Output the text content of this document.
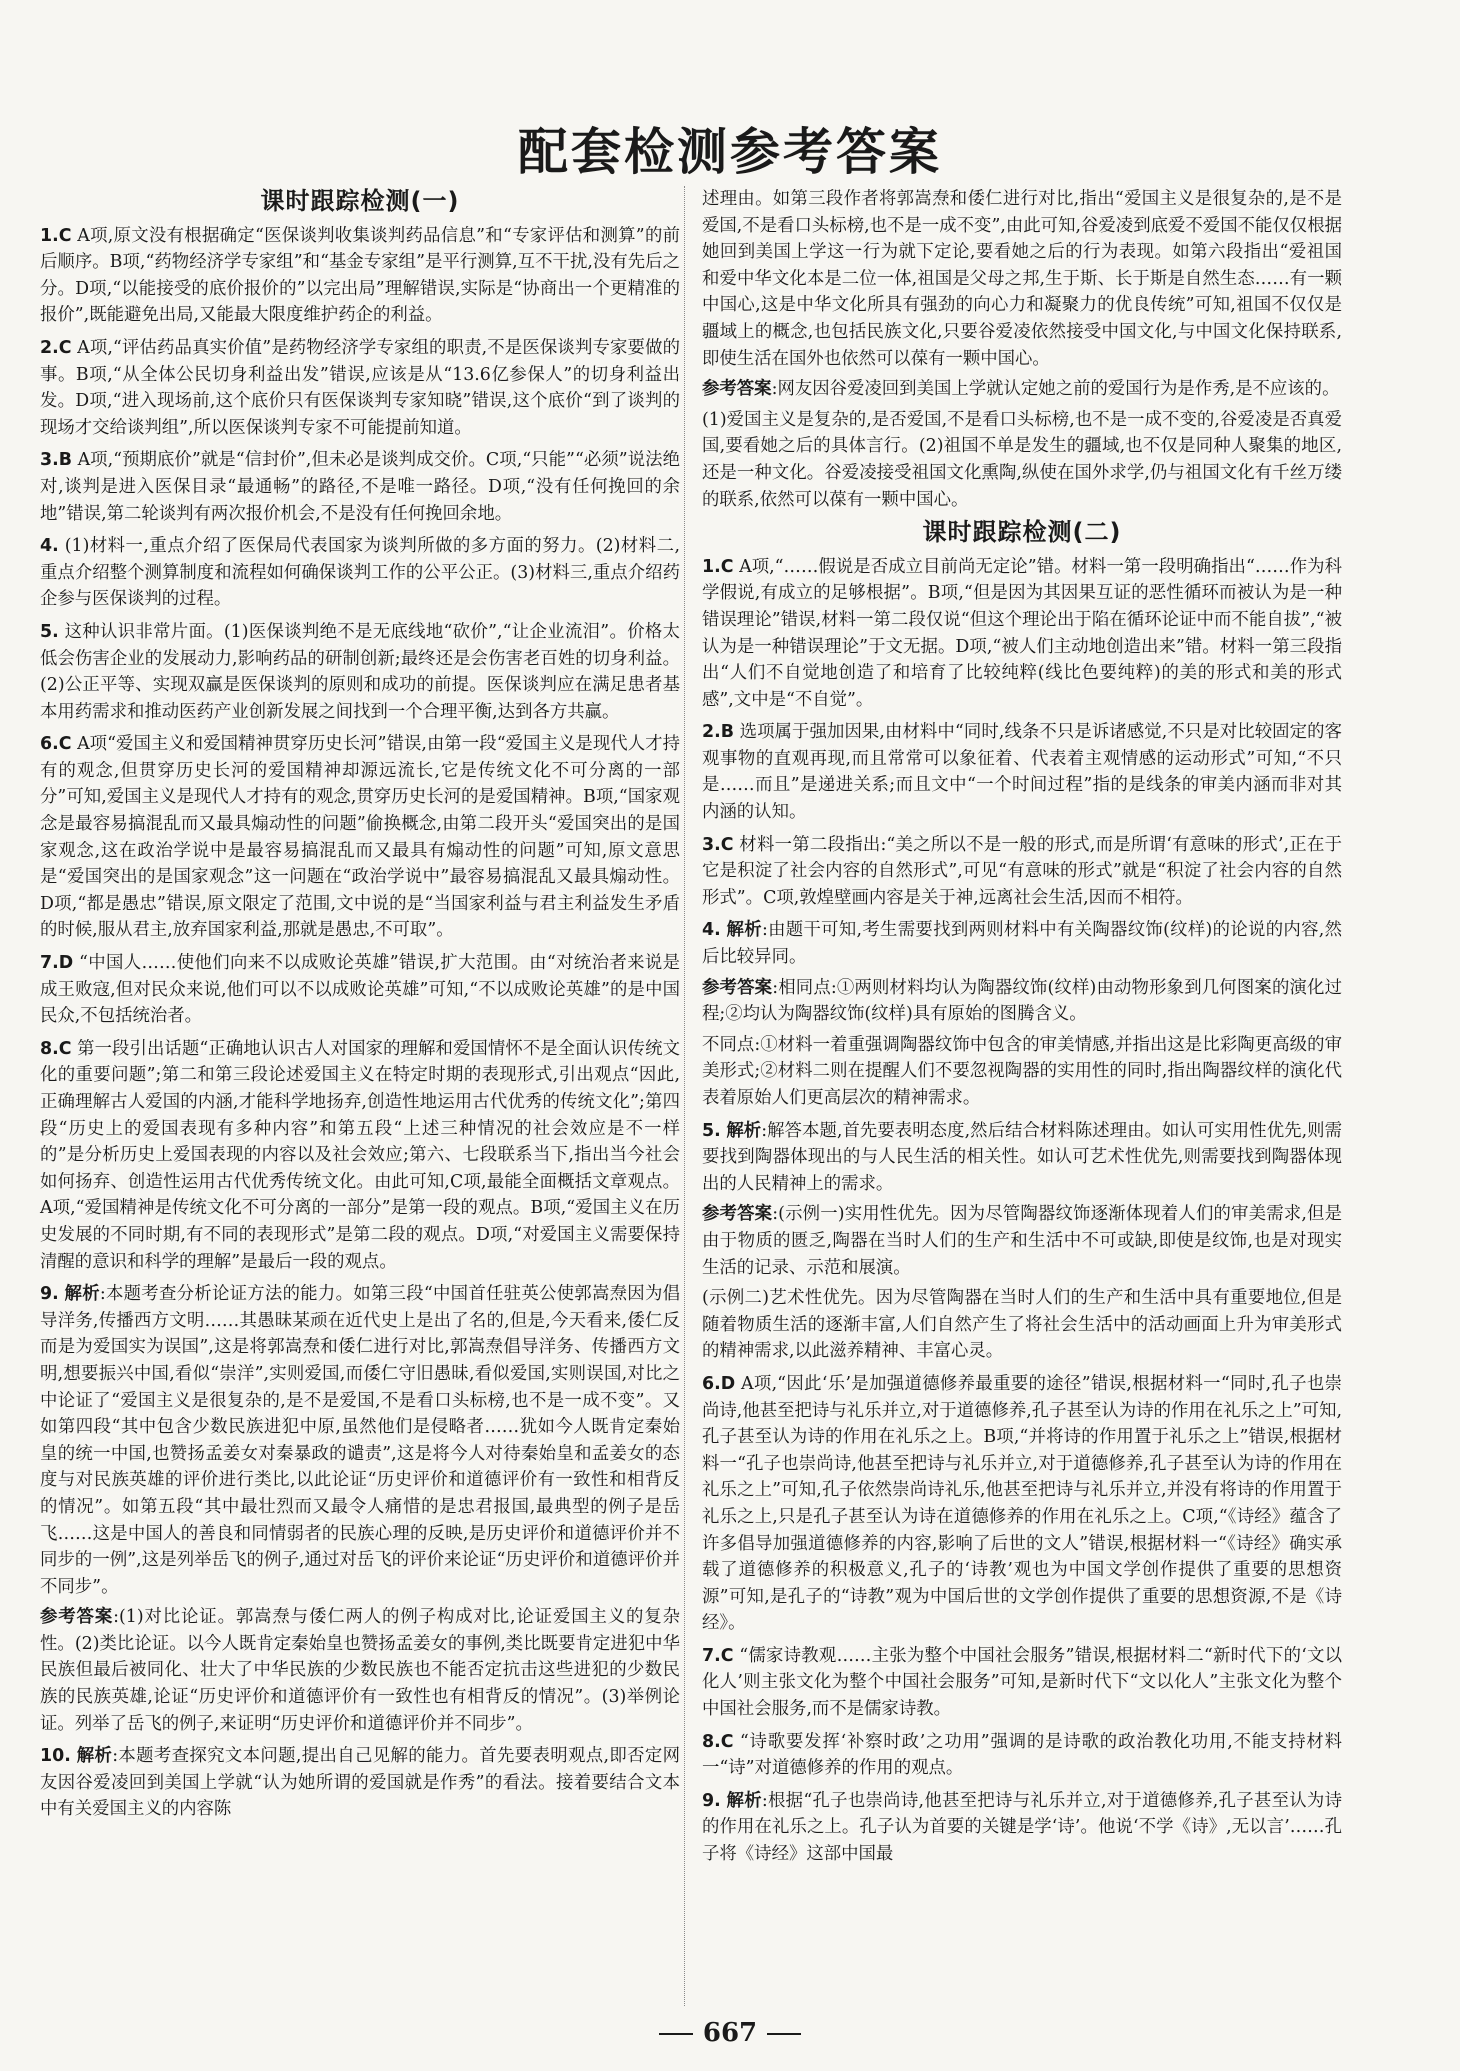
配套检测参考答案
课时跟踪检测(一)
1.C A项,原文没有根据确定“医保谈判收集谈判药品信息”和“专家评估和测算”的前后顺序。B项,“药物经济学专家组”和“基金专家组”是平行测算,互不干扰,没有先后之分。D项,“以能接受的底价报价的”以完出局”理解错误,实际是“协商出一个更精准的报价”,既能避免出局,又能最大限度维护药企的利益。
2.C A项,“评估药品真实价值”是药物经济学专家组的职责,不是医保谈判专家要做的事。B项,“从全体公民切身利益出发”错误,应该是从“13.6亿参保人”的切身利益出发。D项,“进入现场前,这个底价只有医保谈判专家知晓”错误,这个底价“到了谈判的现场才交给谈判组”,所以医保谈判专家不可能提前知道。
3.B A项,“预期底价”就是“信封价”,但未必是谈判成交价。C项,“只能”“必须”说法绝对,谈判是进入医保目录“最通畅”的路径,不是唯一路径。D项,“没有任何挽回的余地”错误,第二轮谈判有两次报价机会,不是没有任何挽回余地。
4. (1)材料一,重点介绍了医保局代表国家为谈判所做的多方面的努力。(2)材料二,重点介绍整个测算制度和流程如何确保谈判工作的公平公正。(3)材料三,重点介绍药企参与医保谈判的过程。
5. 这种认识非常片面。(1)医保谈判绝不是无底线地“砍价”,“让企业流泪”。价格太低会伤害企业的发展动力,影响药品的研制创新;最终还是会伤害老百姓的切身利益。(2)公正平等、实现双赢是医保谈判的原则和成功的前提。医保谈判应在满足患者基本用药需求和推动医药产业创新发展之间找到一个合理平衡,达到各方共赢。
6.C A项“爱国主义和爱国精神贯穿历史长河”错误,由第一段“爱国主义是现代人才持有的观念,但贯穿历史长河的爱国精神却源远流长,它是传统文化不可分离的一部分”可知,爱国主义是现代人才持有的观念,贯穿历史长河的是爱国精神。B项,“国家观念是最容易搞混乱而又最具煽动性的问题”偷换概念,由第二段开头“爱国突出的是国家观念,这在政治学说中是最容易搞混乱而又最具有煽动性的问题”可知,原文意思是“爱国突出的是国家观念”这一问题在“政治学说中”最容易搞混乱又最具煽动性。D项,“都是愚忠”错误,原文限定了范围,文中说的是“当国家利益与君主利益发生矛盾的时候,服从君主,放弃国家利益,那就是愚忠,不可取”。
7.D “中国人……使他们向来不以成败论英雄”错误,扩大范围。由“对统治者来说是成王败寇,但对民众来说,他们可以不以成败论英雄”可知,“不以成败论英雄”的是中国民众,不包括统治者。
8.C 第一段引出话题“正确地认识古人对国家的理解和爱国情怀不是全面认识传统文化的重要问题”;第二和第三段论述爱国主义在特定时期的表现形式,引出观点“因此,正确理解古人爱国的内涵,才能科学地扬弃,创造性地运用古代优秀的传统文化”;第四段“历史上的爱国表现有多种内容”和第五段“上述三种情况的社会效应是不一样的”是分析历史上爱国表现的内容以及社会效应;第六、七段联系当下,指出当今社会如何扬弃、创造性运用古代优秀传统文化。由此可知,C项,最能全面概括文章观点。A项,“爱国精神是传统文化不可分离的一部分”是第一段的观点。B项,“爱国主义在历史发展的不同时期,有不同的表现形式”是第二段的观点。D项,“对爱国主义需要保持清醒的意识和科学的理解”是最后一段的观点。
9. 解析:本题考查分析论证方法的能力。如第三段“中国首任驻英公使郭嵩焘因为倡导洋务,传播西方文明……其愚昧某顽在近代史上是出了名的,但是,今天看来,倭仁反而是为爱国实为误国”,这是将郭嵩焘和倭仁进行对比,郭嵩焘倡导洋务、传播西方文明,想要振兴中国,看似“崇洋”,实则爱国,而倭仁守旧愚昧,看似爱国,实则误国,对比之中论证了“爱国主义是很复杂的,是不是爱国,不是看口头标榜,也不是一成不变”。又如第四段“其中包含少数民族进犯中原,虽然他们是侵略者……犹如今人既肯定秦始皇的统一中国,也赞扬孟姜女对秦暴政的谴责”,这是将今人对待秦始皇和孟姜女的态度与对民族英雄的评价进行类比,以此论证“历史评价和道德评价有一致性和相背反的情况”。如第五段“其中最壮烈而又最令人痛惜的是忠君报国,最典型的例子是岳飞……这是中国人的善良和同情弱者的民族心理的反映,是历史评价和道德评价并不同步的一例”,这是列举岳飞的例子,通过对岳飞的评价来论证“历史评价和道德评价并不同步”。
参考答案:(1)对比论证。郭嵩焘与倭仁两人的例子构成对比,论证爱国主义的复杂性。(2)类比论证。以今人既肯定秦始皇也赞扬孟姜女的事例,类比既要肯定进犯中华民族但最后被同化、壮大了中华民族的少数民族也不能否定抗击这些进犯的少数民族的民族英雄,论证“历史评价和道德评价有一致性也有相背反的情况”。(3)举例论证。列举了岳飞的例子,来证明“历史评价和道德评价并不同步”。
10. 解析:本题考查探究文本问题,提出自己见解的能力。首先要表明观点,即否定网友因谷爱凌回到美国上学就“认为她所谓的爱国就是作秀”的看法。接着要结合文本中有关爱国主义的内容陈
述理由。如第三段作者将郭嵩焘和倭仁进行对比,指出“爱国主义是很复杂的,是不是爱国,不是看口头标榜,也不是一成不变”,由此可知,谷爱凌到底爱不爱国不能仅仅根据她回到美国上学这一行为就下定论,要看她之后的行为表现。如第六段指出“爱祖国和爱中华文化本是二位一体,祖国是父母之邦,生于斯、长于斯是自然生态……有一颗中国心,这是中华文化所具有强劲的向心力和凝聚力的优良传统”可知,祖国不仅仅是疆域上的概念,也包括民族文化,只要谷爱凌依然接受中国文化,与中国文化保持联系,即使生活在国外也依然可以葆有一颗中国心。
参考答案:网友因谷爱凌回到美国上学就认定她之前的爱国行为是作秀,是不应该的。
(1)爱国主义是复杂的,是否爱国,不是看口头标榜,也不是一成不变的,谷爱凌是否真爱国,要看她之后的具体言行。(2)祖国不单是发生的疆域,也不仅是同种人聚集的地区,还是一种文化。谷爱凌接受祖国文化熏陶,纵使在国外求学,仍与祖国文化有千丝万缕的联系,依然可以葆有一颗中国心。
课时跟踪检测(二)
1.C A项,“……假说是否成立目前尚无定论”错。材料一第一段明确指出“……作为科学假说,有成立的足够根据”。B项,“但是因为其因果互证的恶性循环而被认为是一种错误理论”错误,材料一第二段仅说“但这个理论出于陷在循环论证中而不能自拔”,“被认为是一种错误理论”于文无据。D项,“被人们主动地创造出来”错。材料一第三段指出“人们不自觉地创造了和培育了比较纯粹(线比色要纯粹)的美的形式和美的形式感”,文中是“不自觉”。
2.B 选项属于强加因果,由材料中“同时,线条不只是诉诸感觉,不只是对比较固定的客观事物的直观再现,而且常常可以象征着、代表着主观情感的运动形式”可知,“不只是……而且”是递进关系;而且文中“一个时间过程”指的是线条的审美内涵而非对其内涵的认知。
3.C 材料一第二段指出:“美之所以不是一般的形式,而是所谓‘有意味的形式’,正在于它是积淀了社会内容的自然形式”,可见“有意味的形式”就是“积淀了社会内容的自然形式”。C项,敦煌壁画内容是关于神,远离社会生活,因而不相符。
4. 解析:由题干可知,考生需要找到两则材料中有关陶器纹饰(纹样)的论说的内容,然后比较异同。
参考答案:相同点:①两则材料均认为陶器纹饰(纹样)由动物形象到几何图案的演化过程;②均认为陶器纹饰(纹样)具有原始的图腾含义。
不同点:①材料一着重强调陶器纹饰中包含的审美情感,并指出这是比彩陶更高级的审美形式;②材料二则在提醒人们不要忽视陶器的实用性的同时,指出陶器纹样的演化代表着原始人们更高层次的精神需求。
5. 解析:解答本题,首先要表明态度,然后结合材料陈述理由。如认可实用性优先,则需要找到陶器体现出的与人民生活的相关性。如认可艺术性优先,则需要找到陶器体现出的人民精神上的需求。
参考答案:(示例一)实用性优先。因为尽管陶器纹饰逐渐体现着人们的审美需求,但是由于物质的匮乏,陶器在当时人们的生产和生活中不可或缺,即使是纹饰,也是对现实生活的记录、示范和展演。
(示例二)艺术性优先。因为尽管陶器在当时人们的生产和生活中具有重要地位,但是随着物质生活的逐渐丰富,人们自然产生了将社会生活中的活动画面上升为审美形式的精神需求,以此滋养精神、丰富心灵。
6.D A项,“因此‘乐’是加强道德修养最重要的途径”错误,根据材料一“同时,孔子也崇尚诗,他甚至把诗与礼乐并立,对于道德修养,孔子甚至认为诗的作用在礼乐之上”可知,孔子甚至认为诗的作用在礼乐之上。B项,“并将诗的作用置于礼乐之上”错误,根据材料一“孔子也崇尚诗,他甚至把诗与礼乐并立,对于道德修养,孔子甚至认为诗的作用在礼乐之上”可知,孔子依然崇尚诗礼乐,他甚至把诗与礼乐并立,并没有将诗的作用置于礼乐之上,只是孔子甚至认为诗在道德修养的作用在礼乐之上。C项,“《诗经》蕴含了许多倡导加强道德修养的内容,影响了后世的文人”错误,根据材料一“《诗经》确实承载了道德修养的积极意义,孔子的‘诗教’观也为中国文学创作提供了重要的思想资源”可知,是孔子的“诗教”观为中国后世的文学创作提供了重要的思想资源,不是《诗经》。
7.C “儒家诗教观……主张为整个中国社会服务”错误,根据材料二“新时代下的‘文以化人’则主张文化为整个中国社会服务”可知,是新时代下“文以化人”主张文化为整个中国社会服务,而不是儒家诗教。
8.C “诗歌要发挥‘补察时政’之功用”强调的是诗歌的政治教化功用,不能支持材料一“诗”对道德修养的作用的观点。
9. 解析:根据“孔子也崇尚诗,他甚至把诗与礼乐并立,对于道德修养,孔子甚至认为诗的作用在礼乐之上。孔子认为首要的关键是学‘诗’。他说‘不学《诗》,无以言’……孔子将《诗经》这部中国最
667
